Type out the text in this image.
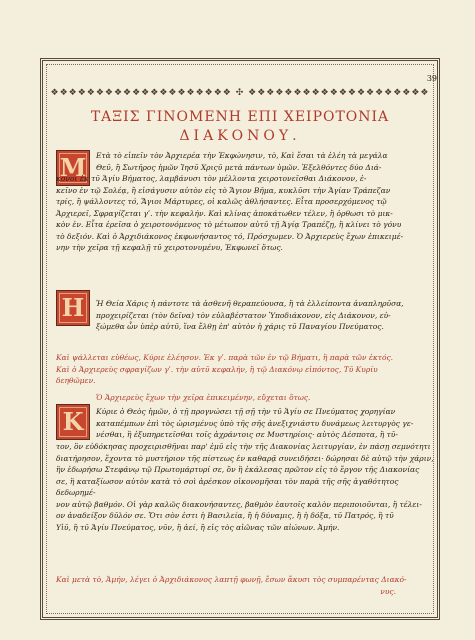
39
❖❖❖❖❖❖❖❖❖❖❖❖❖❖❖❖❖❖❖❖ ✣ ❖❖❖❖❖❖❖❖❖❖❖❖❖❖❖❖❖❖❖❖
ΤΑΞΙΣ ΓΙΝΟΜΕΝΗ ΕΠΙ ΧΕΙΡΟΤΟΝΙΑ
ΔΙΑΚΟΝΟΥ.
Μ	Ετὰ τὸ εἰπεῖν τὸν Ἀρχιερέα τὴν Ἐκφώνησιν, τὸ, Καὶ ἔσαι τὰ ἐλέη τὰ μεγάλα
Θεῦ, ἢ Σωτῆρος ἡμῶν Ἰησῦ Χριςῦ μετὰ πάντων ὑμῶν. Ἐξελθόντες δύο Διά-
κονοι ἐκ τῦ Ἁγίυ Βήματος, λαμβάνυσι τὸν μέλλοντα χειροτονεῖσθαι Διάκονον, ἐ-
κεῖνο ἐν τῷ Σολέᾳ, ἢ εἰσάγυσιν αὐτὸν εἰς τὸ Ἅγιον Βῆμα, κυκλῦσι τὴν Ἁγίαν Τράπεζαν
τρίς, ἢ ψάλλοντες τό, Ἅγιοι Μάρτυρες, οἱ καλῶς ἀθλήσαντες. Εἶτα προσερχόμενος τῷ
Ἀρχιερεῖ, Σφραγίζεται γʹ. τὴν κεφαλήν. Καὶ κλίνας ἀποκάτωθεν τέλεν, ἢ ὀρθωσι τὸ μικ-
κὸν ἐν. Εἶτα ἐρεῖσα ὁ χειροτονόμενος τὸ μέτωπον αὐτῦ τῇ Ἁγίᾳ Τραπέζῃ, ἢ κλίνει τὸ γόνυ
τὸ δεξιόν. Καὶ ὁ Ἀρχιδιάκονος ἐκφωνήσαντος τό, Πρόσχωμεν. Ὁ Ἀρχιερεὺς ἔχων ἐπικειμέ-
νην τὴν χεῖρα τῇ κεφαλῇ τῦ χειροτονυμένυ, Ἐκφωνεῖ ὅτως.
Η	Ἡ Θεία Χάρις ἡ πάντοτε τὰ ἀσθενῆ θεραπεύουσα, ἢ τὰ ἐλλείποντα ἀναπληρῦσα,
προχειρίζεται (τὸν δεῖνα) τὸν εὐλαβέστατον Ὑποδιάκονον, εἰς Διάκονον, εὐ-
ξώμεθα ὦν ὑπὲρ αὐτῦ, ἵνα ἔλθῃ ἐπ' αὐτὸν ἡ χάρις τῦ Παναγίου Πνεύματος.
Καὶ ψάλλεται εὐθέως, Κύριε ἐλέησον. Ἐκ γʹ. παρὰ τῶν ἐν τῷ Βήματι, ἢ παρὰ τῶν ἐκτός.
Καὶ ὁ Ἀρχιερεὺς σφραγίζων γʹ. τὴν αὐτῦ κεφαλήν, ἢ τῷ Διακόνῳ εἰπόντος, Τῦ Κυρίυ
δεηθῶμεν.
Ὁ Ἀρχιερεὺς ἔχων τὴν χεῖρα ἐπικειμένην, εὔχεται ὅτως.
Κ	Κύριε ὁ Θεὸς ἡμῶν, ὁ τῇ προγνώσει τῇ σῇ τὴν τῦ Ἁγίυ σε Πνεύματος χορηγίαν
καταπέμπων ἐπὶ τὸς ὡρισμένυς ὑπὸ τῆς σῆς ἀνεξιχνιάστυ δυνάμεως λειτυργὸς γε-
νέσθαι, ἢ ἐξυπηρετεῖσθαι τοῖς ἀχράντοις σε Μυστηρίοις· αὐτὸς Δέσποτα, ἢ τῦ-
τον, ὃν εὐδόκησας προχειρισθῆναι παρ' ἐμῦ εἰς τὴν τῆς Διακονίας λειτυργίαν, ἐν πάσῃ σεμνότητι
διατήρησον, ἔχοντα τὸ μυστήριον τῆς πίστεως ἐν καθαρᾷ συνειδήσει· δώρησαι δὲ αὐτῷ τὴν χάριν,
ἣν ἐδωρήσω Στεφάνῳ τῷ Πρωτομάρτυρί σε, ὃν ἢ ἐκάλεσας πρῶτον εἰς τὸ ἔργον τῆς Διακονίας
σε, ἢ καταξίωσον αὐτὸν κατὰ τὸ σοὶ ἀρέσκον οἰκονομῆσαι τὸν παρὰ τῆς σῆς ἀγαθότητος δεδωρημέ-
νον αὐτῷ βαθμόν. Οἱ γὰρ καλῶς διακονήσαντες, βαθμὸν ἑαυτοῖς καλὸν περιποιοῦνται, ἢ τέλει-
ον ἀναδείξον δῦλόν σε. Ὅτι σὸν ἐστι ἡ Βασιλεία, ἢ ἡ δύναμις, ἢ ἡ δόξα, τῦ Πατρός, ἢ τῦ
Υἱῦ, ἢ τῦ Ἁγίυ Πνεύματος, νῦν, ἢ ἀεί, ἢ εἰς τὸς αἰῶνας τῶν αἰώνων. Ἀμήν.
Καὶ μετὰ τὸ, Ἀμήν, λέγει ὁ Ἀρχιδιάκονος λαπτῇ φωνῇ, ἔσων ἄκυσι τὸς συμπαρέντας Διακό-
νυς.
